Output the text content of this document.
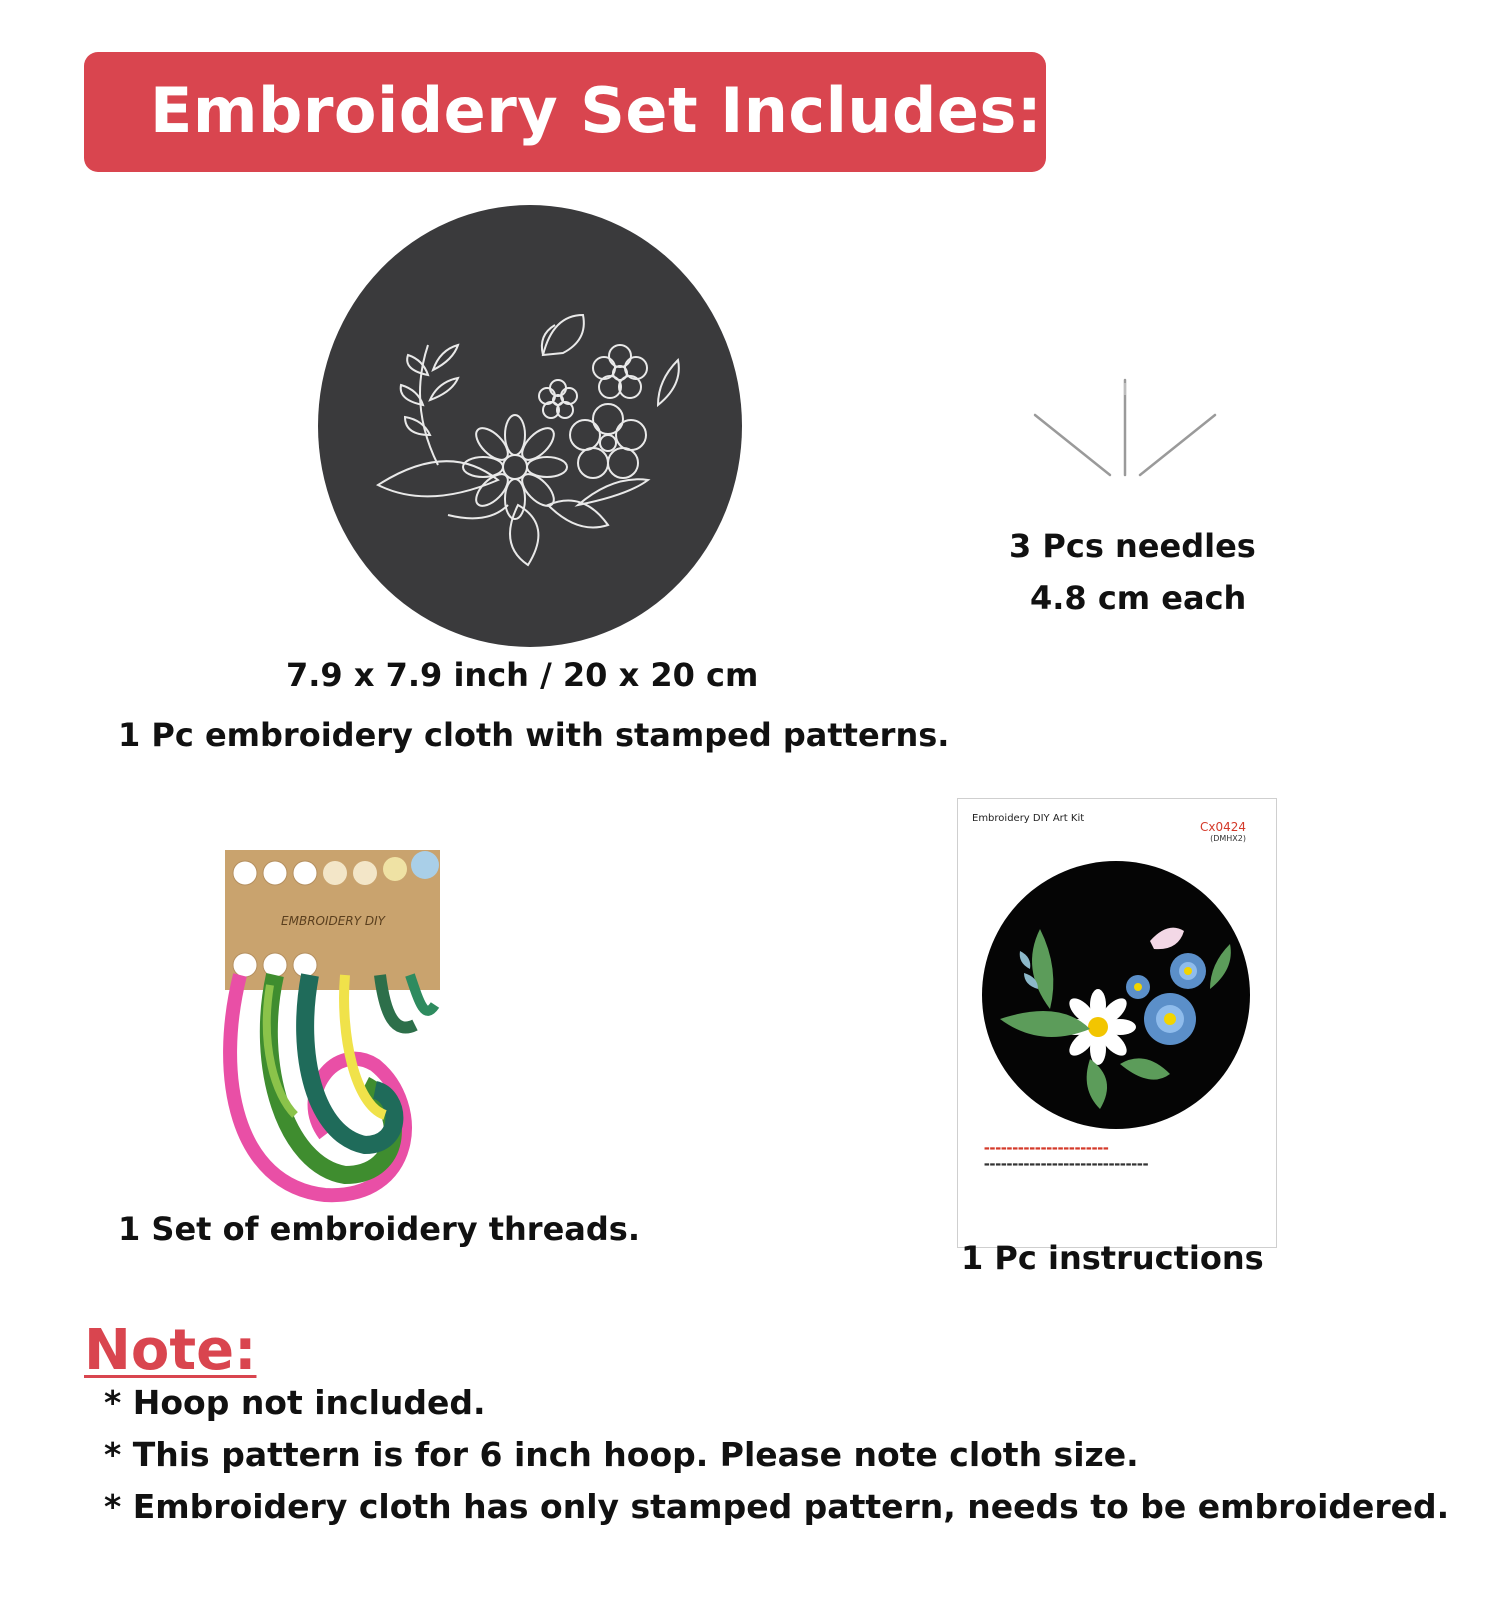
Embroidery Set Includes:
7.9 x 7.9 inch / 20 x 20 cm
1 Pc embroidery cloth with stamped patterns.
3 Pcs needles
4.8 cm each
EMBROIDERY DIY
1 Set of embroidery threads.
Embroidery DIY Art Kit
Cx0424
(DMHX2)
▬▬▬▬▬▬▬▬▬▬▬▬▬▬▬▬▬▬▬▬▬▬
▬▬▬▬▬▬▬▬▬▬▬▬▬▬▬▬▬▬▬▬▬▬▬▬▬▬▬▬▬
1 Pc instructions
Note:
* Hoop not included.
* This pattern is for 6 inch hoop. Please note cloth size.
* Embroidery cloth has only stamped pattern, needs to be embroidered.
